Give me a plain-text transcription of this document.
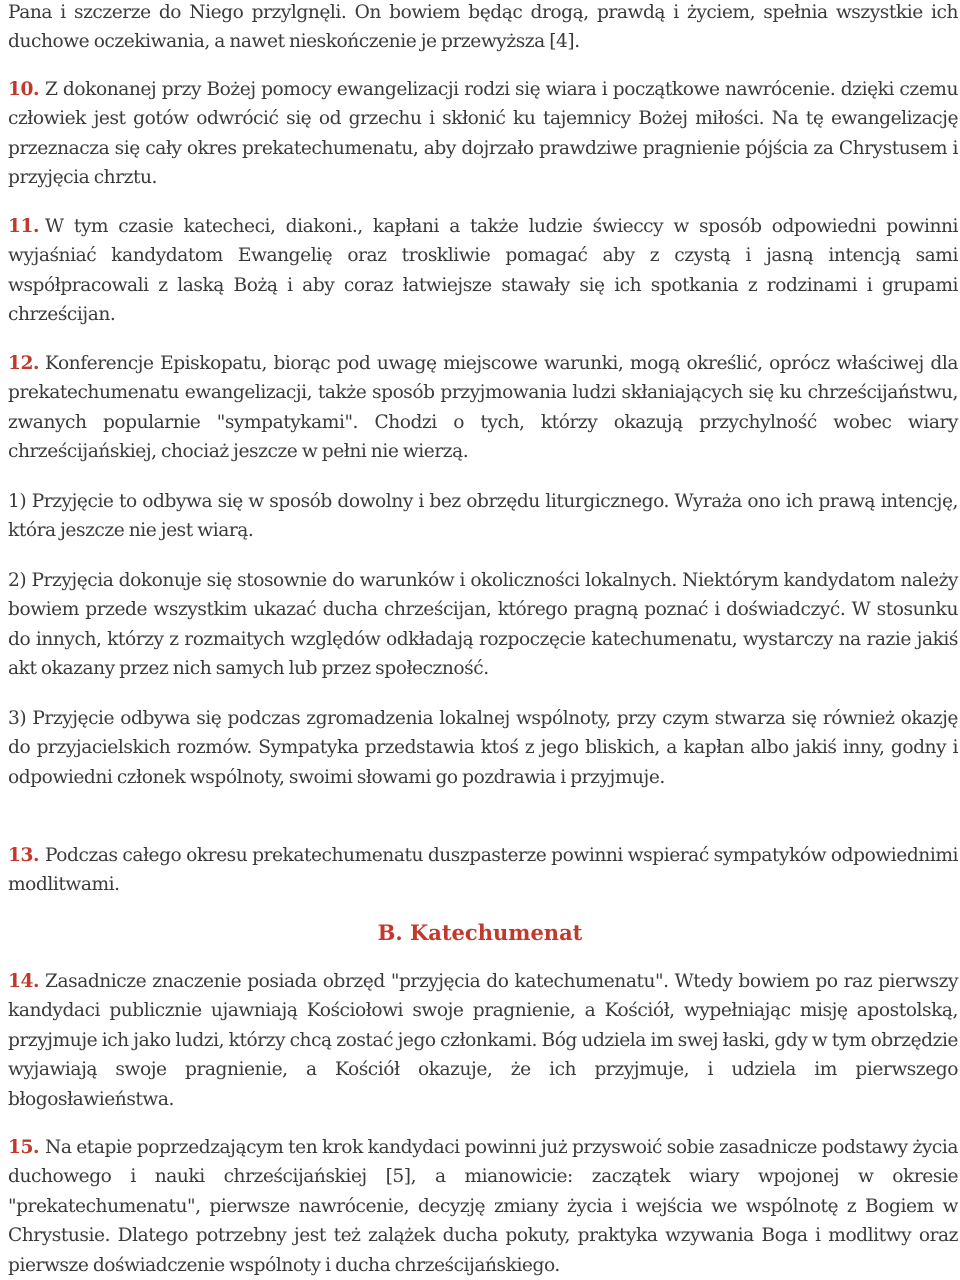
Pana i szczerze do Niego przylgnęli. On bowiem będąc drogą, prawdą i życiem, spełnia wszystkie ich duchowe oczekiwania, a nawet nieskończenie je przewyższa [4].

10. Z dokonanej przy Bożej pomocy ewangelizacji rodzi się wiara i początkowe nawrócenie. dzięki czemu człowiek jest gotów odwrócić się od grzechu i skłonić ku tajemnicy Bożej miłości. Na tę ewangelizację przeznacza się cały okres prekatechumenatu, aby dojrzało prawdziwe pragnienie pójścia za Chrystusem i przyjęcia chrztu.

11. W tym czasie katecheci, diakoni., kapłani a także ludzie świeccy w sposób odpowiedni powinni wyjaśniać kandydatom Ewangelię oraz troskliwie pomagać aby z czystą i jasną intencją sami współpracowali z laską Bożą i aby coraz łatwiejsze stawały się ich spotkania z rodzinami i grupami chrześcijan.

12. Konferencje Episkopatu, biorąc pod uwagę miejscowe warunki, mogą określić, oprócz właściwej dla prekatechumenatu ewangelizacji, także sposób przyjmowania ludzi skłaniających się ku chrześcijaństwu, zwanych popularnie "sympatykami". Chodzi o tych, którzy okazują przychylność wobec wiary chrześcijańskiej, chociaż jeszcze w pełni nie wierzą.

1) Przyjęcie to odbywa się w sposób dowolny i bez obrzędu liturgicznego. Wyraża ono ich prawą intencję, która jeszcze nie jest wiarą.

2) Przyjęcia dokonuje się stosownie do warunków i okoliczności lokalnych. Niektórym kandydatom należy bowiem przede wszystkim ukazać ducha chrześcijan, którego pragną poznać i doświadczyć. W stosunku do innych, którzy z rozmaitych względów odkładają rozpoczęcie katechumenatu, wystarczy na razie jakiś akt okazany przez nich samych lub przez społeczność.

3) Przyjęcie odbywa się podczas zgromadzenia lokalnej wspólnoty, przy czym stwarza się również okazję do przyjacielskich rozmów. Sympatyka przedstawia ktoś z jego bliskich, a kapłan albo jakiś inny, godny i odpowiedni członek wspólnoty, swoimi słowami go pozdrawia i przyjmuje.

13. Podczas całego okresu prekatechumenatu duszpasterze powinni wspierać sympatyków odpowiednimi modlitwami.

B. Katechumenat

14. Zasadnicze znaczenie posiada obrzęd "przyjęcia do katechumenatu". Wtedy bowiem po raz pierwszy kandydaci publicznie ujawniają Kościołowi swoje pragnienie, a Kościół, wypełniając misję apostolską, przyjmuje ich jako ludzi, którzy chcą zostać jego członkami. Bóg udziela im swej łaski, gdy w tym obrzędzie wyjawiają swoje pragnienie, a Kościół okazuje, że ich przyjmuje, i udziela im pierwszego błogosławieństwa.

15. Na etapie poprzedzającym ten krok kandydaci powinni już przyswoić sobie zasadnicze podstawy życia duchowego i nauki chrześcijańskiej [5], a mianowicie: zaczątek wiary wpojonej w okresie "prekatechumenatu", pierwsze nawrócenie, decyzję zmiany życia i wejścia we wspólnotę z Bogiem w Chrystusie. Dlatego potrzebny jest też zalążek ducha pokuty, praktyka wzywania Boga i modlitwy oraz pierwsze doświadczenie wspólnoty i ducha chrześcijańskiego.
